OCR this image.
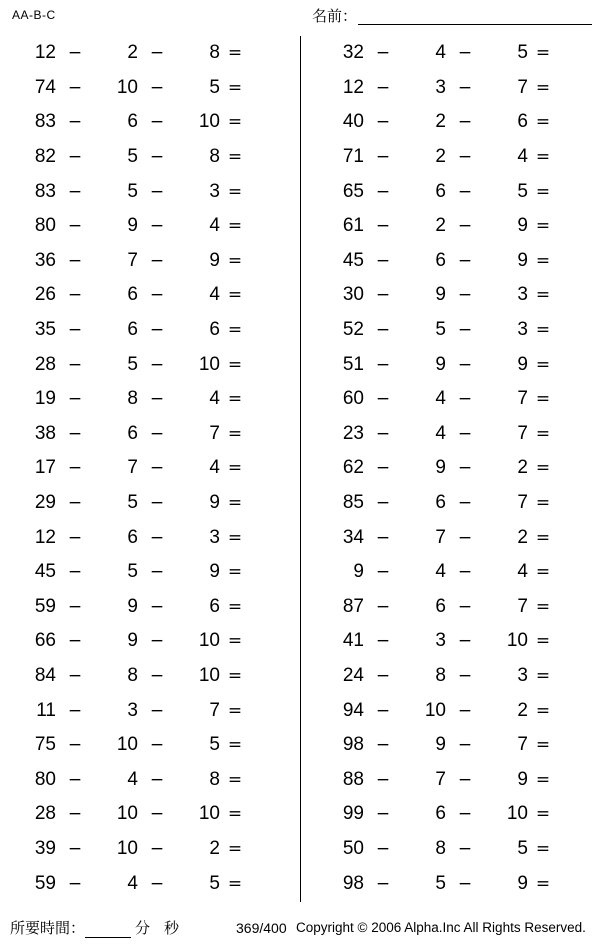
AA-B-C	名前：
12 −	2 −	8 =
74 −	10 −	5 =
83 −	6 −	10 =
82 −	5 −	8 =
83 −	5 −	3 =
80 −	9 −	4 =
36 −	7 −	9 =
26 −	6 −	4 =
35 −	6 −	6 =
28 −	5 −	10 =
19 −	8 −	4 =
38 −	6 −	7 =
17 −	7 −	4 =
29 −	5 −	9 =
12 −	6 −	3 =
45 −	5 −	9 =
59 −	9 −	6 =
66 −	9 −	10 =
84 −	8 −	10 =
11 −	3 −	7 =
75 −	10 −	5 =
80 −	4 −	8 =
28 −	10 −	10 =
39 −	10 −	2 =
59 −	4 −	5 =
32 −	4 −	5 =
12 −	3 −	7 =
40 −	2 −	6 =
71 −	2 −	4 =
65 −	6 −	5 =
61 −	2 −	9 =
45 −	6 −	9 =
30 −	9 −	3 =
52 −	5 −	3 =
51 −	9 −	9 =
60 −	4 −	7 =
23 −	4 −	7 =
62 −	9 −	2 =
85 −	6 −	7 =
34 −	7 −	2 =
9 −	4 −	4 =
87 −	6 −	7 =
41 −	3 −	10 =
24 −	8 −	3 =
94 −	10 −	2 =
98 −	9 −	7 =
88 −	7 −	9 =
99 −	6 −	10 =
50 −	8 −	5 =
98 −	5 −	9 =
所要時間：	分 秒	369/400 Copyright © 2006 Alpha.Inc All Rights Reserved.
